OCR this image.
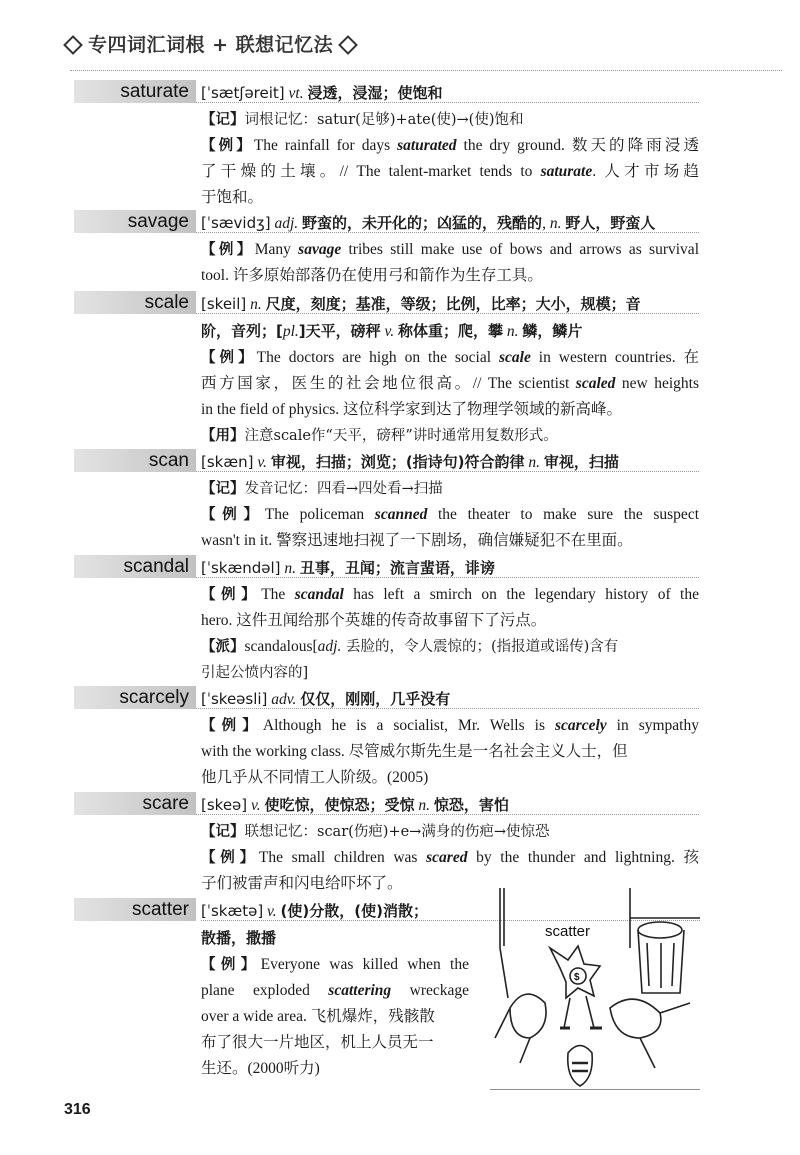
专四词汇词根 + 联想记忆法
saturate [ˈsætʃəreit] vt. 浸透，浸湿；使饱和
【记】词根记忆：satur(足够)+ate(使)→(使)饱和
【例】The rainfall for days saturated the dry ground. 数天的降雨浸透
了干燥的土壤。// The talent-market tends to saturate. 人才市场趋
于饱和。
savage [ˈsævidʒ] adj. 野蛮的，未开化的；凶猛的，残酷的, n. 野人，野蛮人
【例】Many savage tribes still make use of bows and arrows as survival
tool. 许多原始部落仍在使用弓和箭作为生存工具。
scale [skeil] n. 尺度，刻度；基准，等级；比例，比率；大小，规模；音
阶，音列；[pl.]天平，磅秤 v. 称体重；爬，攀 n. 鳞，鳞片
【例】The doctors are high on the social scale in western countries. 在
西方国家，医生的社会地位很高。// The scientist scaled new heights
in the field of physics. 这位科学家到达了物理学领域的新高峰。
【用】注意scale作“天平，磅秤”讲时通常用复数形式。
scan [skæn] v. 审视，扫描；浏览；(指诗句)符合韵律 n. 审视，扫描
【记】发音记忆：四看→四处看→扫描
【例】The policeman scanned the theater to make sure the suspect
wasn't in it. 警察迅速地扫视了一下剧场，确信嫌疑犯不在里面。
scandal [ˈskændəl] n. 丑事，丑闻；流言蜚语，诽谤
【例】The scandal has left a smirch on the legendary history of the
hero. 这件丑闻给那个英雄的传奇故事留下了污点。
【派】scandalous[adj. 丢脸的，令人震惊的；(指报道或谣传)含有
引起公愤内容的]
scarcely [ˈskeəsli] adv. 仅仅，刚刚，几乎没有
【例】Although he is a socialist, Mr. Wells is scarcely in sympathy
with the working class. 尽管威尔斯先生是一名社会主义人士，但
他几乎从不同情工人阶级。(2005)
scare [skeə] v. 使吃惊，使惊恐；受惊 n. 惊恐，害怕
【记】联想记忆：scar(伤疤)+e→满身的伤疤→使惊恐
【例】The small children was scared by the thunder and lightning. 孩
子们被雷声和闪电给吓坏了。
scatter [ˈskætə] v. (使)分散，(使)消散；
散播，撒播
【例】Everyone was killed when the
plane exploded scattering wreckage
over a wide area. 飞机爆炸，残骸散
布了很大一片地区，机上人员无一
生还。(2000听力)
scatter
$
316
